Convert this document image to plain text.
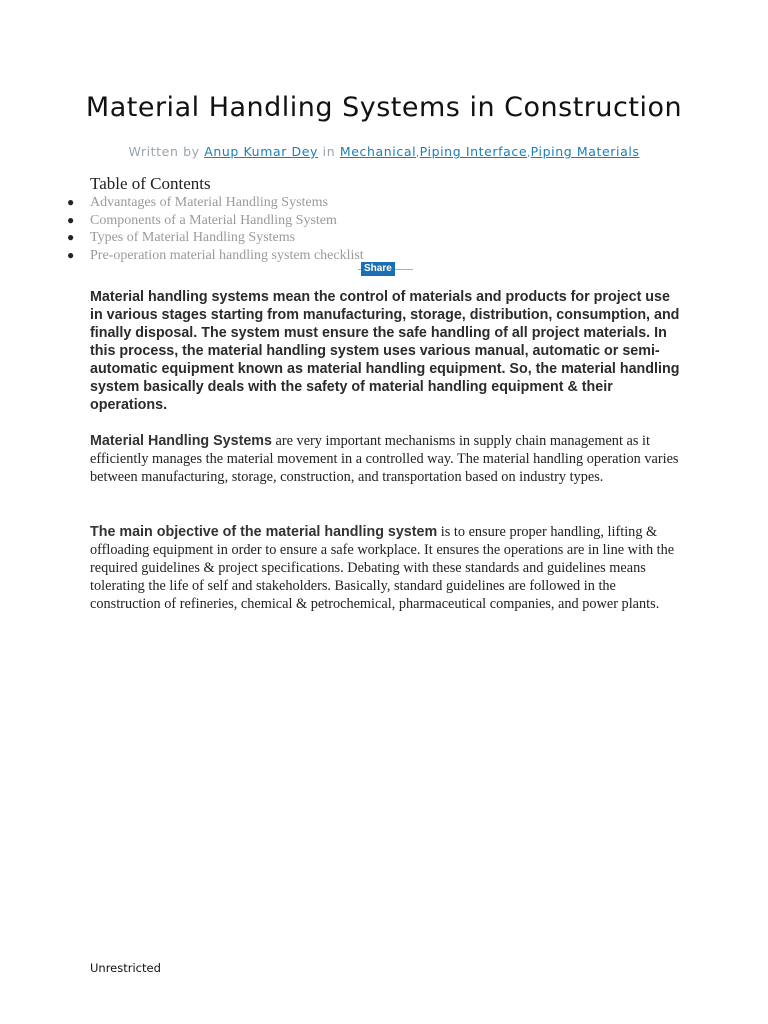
Material Handling Systems in Construction
Written by Anup Kumar Dey in Mechanical,Piping Interface,Piping Materials
Table of Contents
● Advantages of Material Handling Systems
● Components of a Material Handling System
● Types of Material Handling Systems
● Pre-operation material handling system checklist
Share

Material handling systems mean the control of materials and products for project use in various stages starting from manufacturing, storage, distribution, consumption, and finally disposal. The system must ensure the safe handling of all project materials. In this process, the material handling system uses various manual, automatic or semi-automatic equipment known as material handling equipment. So, the material handling system basically deals with the safety of material handling equipment & their operations.

Material Handling Systems are very important mechanisms in supply chain management as it efficiently manages the material movement in a controlled way. The material handling operation varies between manufacturing, storage, construction, and transportation based on industry types.

The main objective of the material handling system is to ensure proper handling, lifting & offloading equipment in order to ensure a safe workplace. It ensures the operations are in line with the required guidelines & project specifications. Debating with these standards and guidelines means tolerating the life of self and stakeholders. Basically, standard guidelines are followed in the construction of refineries, chemical & petrochemical, pharmaceutical companies, and power plants.

Unrestricted
